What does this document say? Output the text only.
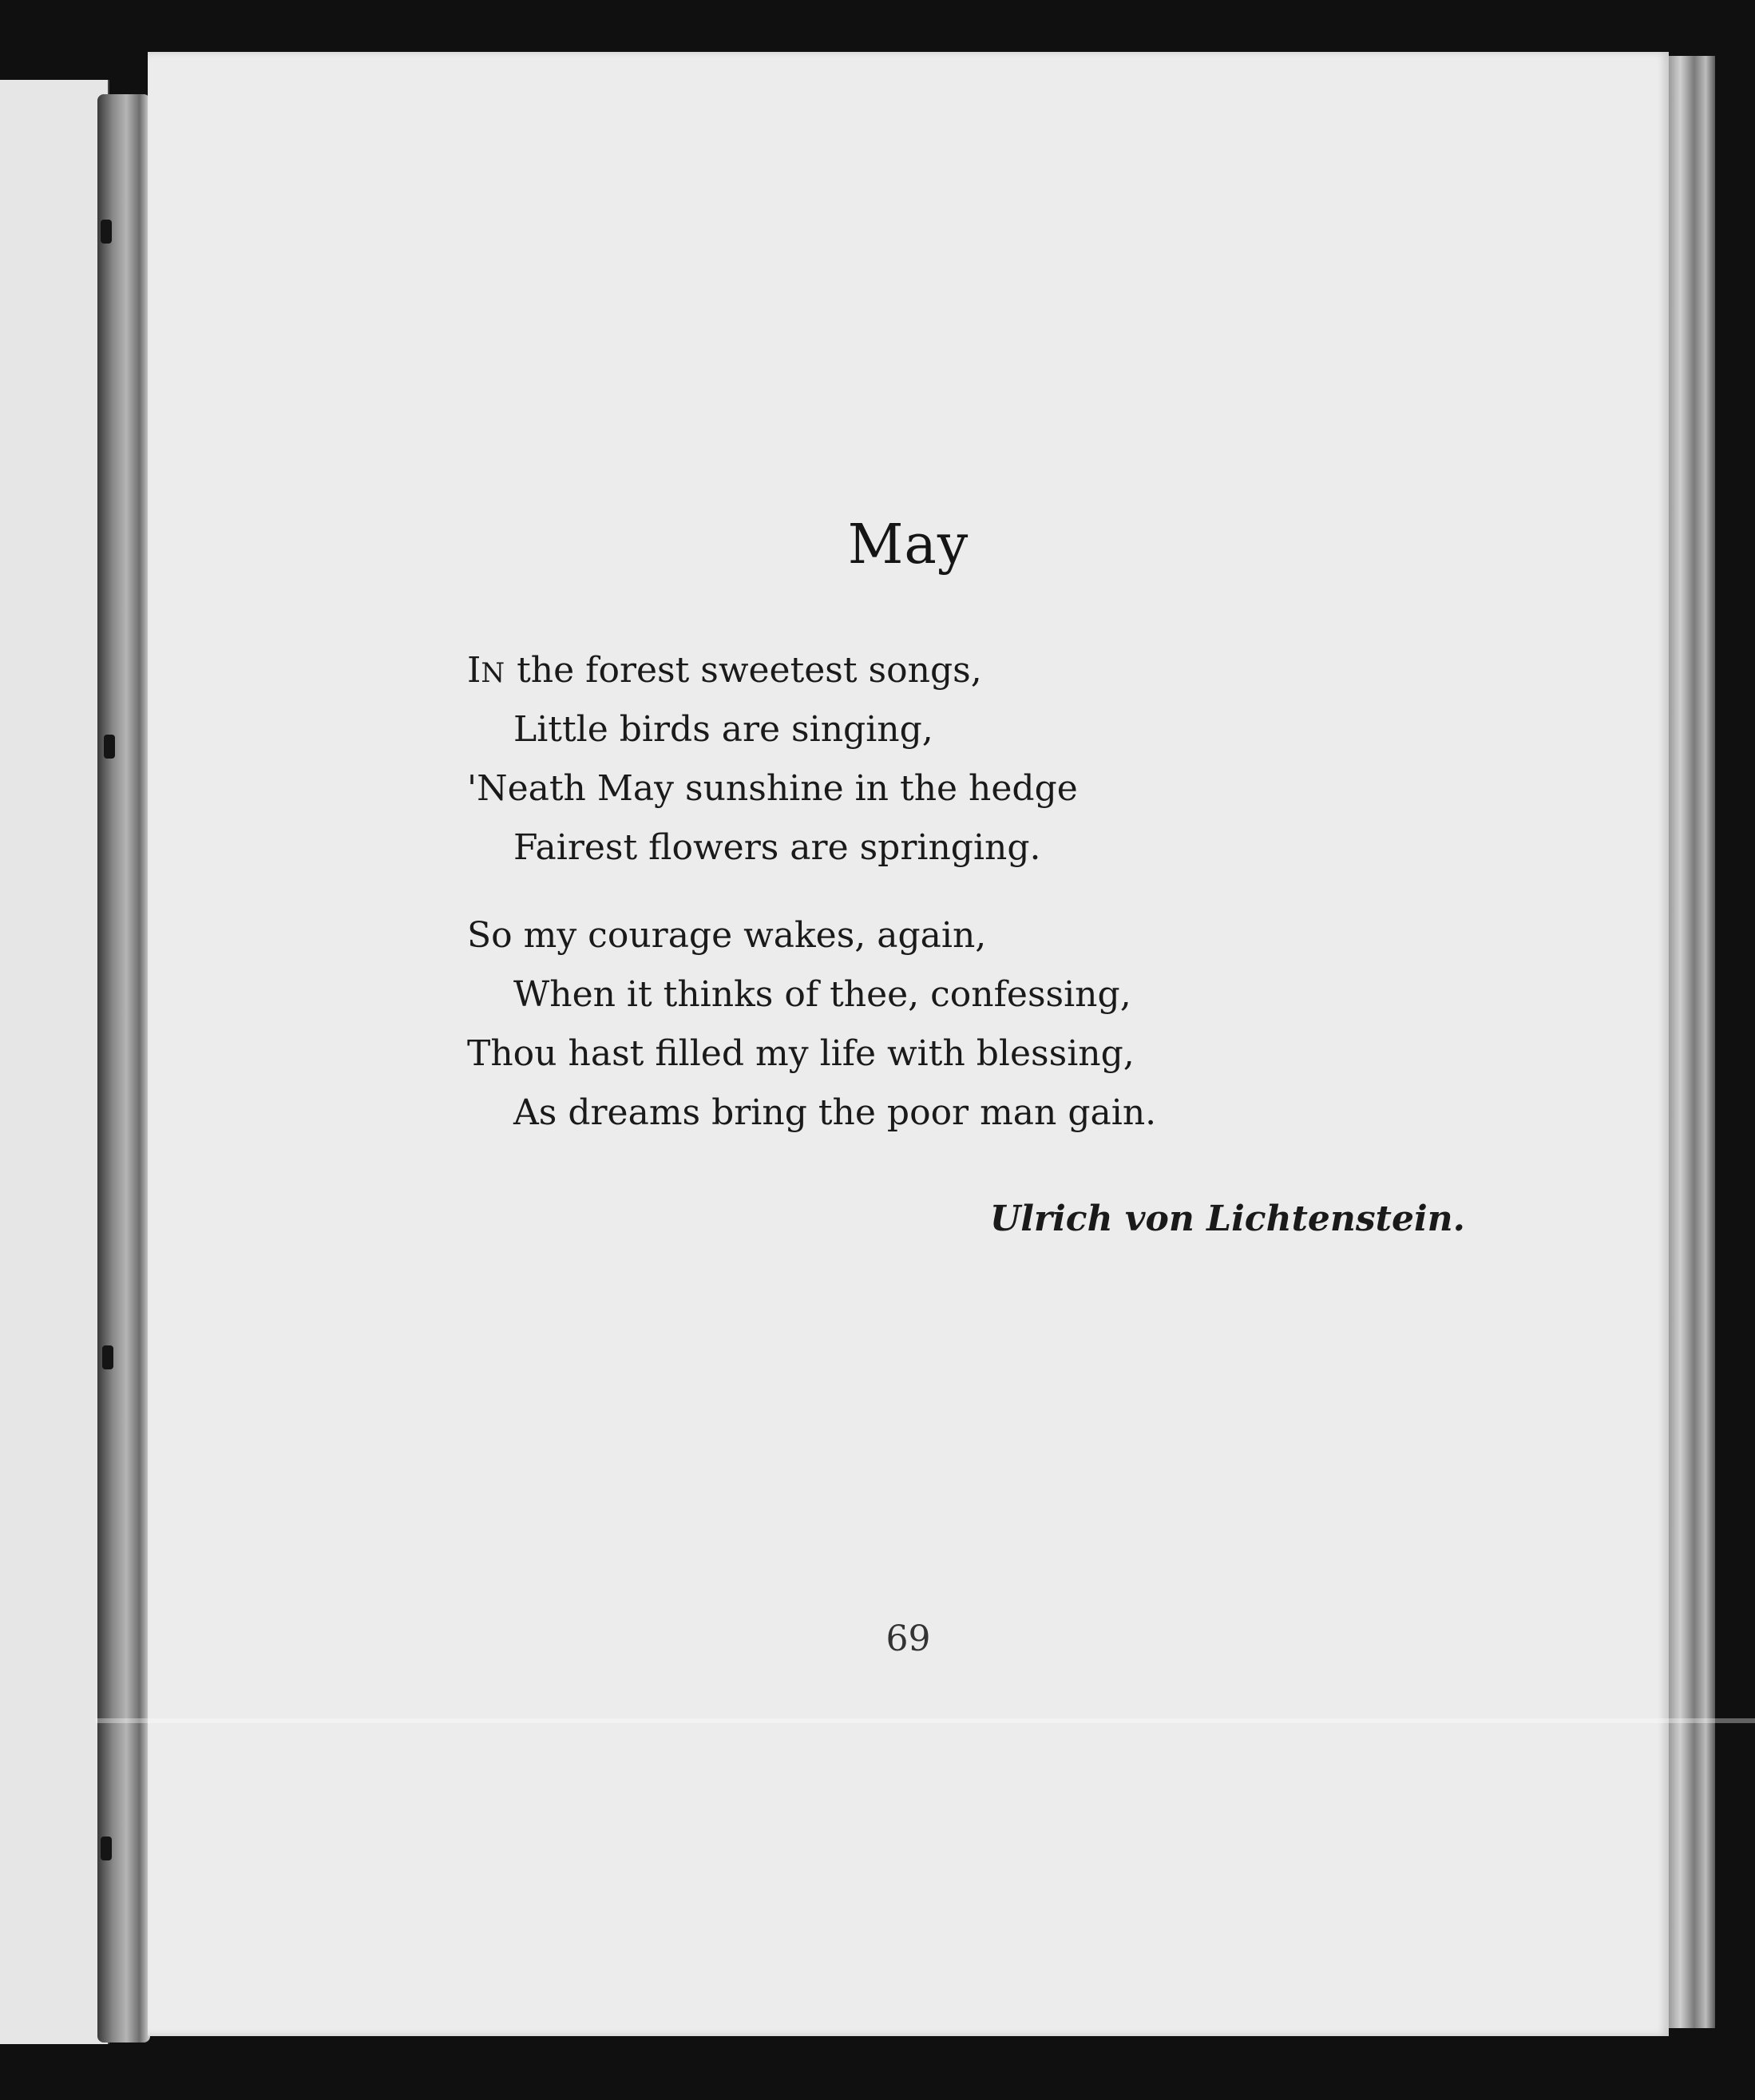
May
IN the forest sweetest songs,
Little birds are singing,
'Neath May sunshine in the hedge
Fairest flowers are springing.
So my courage wakes, again,
When it thinks of thee, confessing,
Thou hast filled my life with blessing,
As dreams bring the poor man gain.
Ulrich von Lichtenstein.
69
